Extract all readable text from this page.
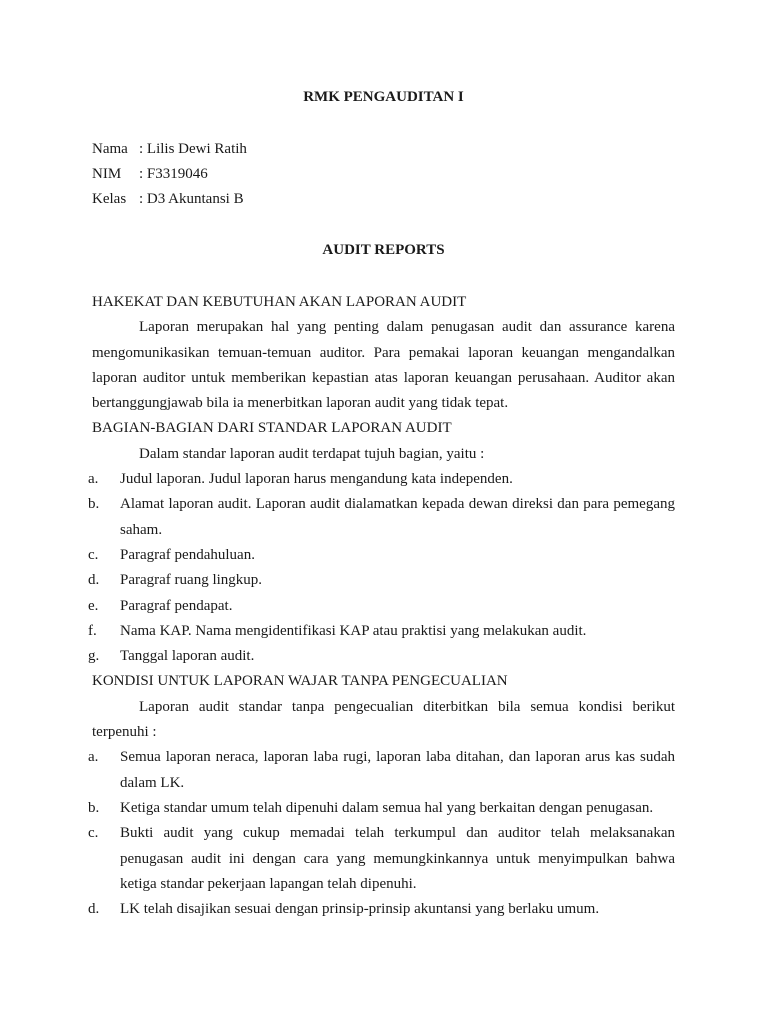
RMK PENGAUDITAN I
Nama : Lilis Dewi Ratih
NIM : F3319046
Kelas : D3 Akuntansi B
AUDIT REPORTS

HAKEKAT DAN KEBUTUHAN AKAN LAPORAN AUDIT

Laporan merupakan hal yang penting dalam penugasan audit dan assurance karena mengomunikasikan temuan-temuan auditor. Para pemakai laporan keuangan mengandalkan laporan auditor untuk memberikan kepastian atas laporan keuangan perusahaan. Auditor akan bertanggungjawab bila ia menerbitkan laporan audit yang tidak tepat.

BAGIAN-BAGIAN DARI STANDAR LAPORAN AUDIT

Dalam standar laporan audit terdapat tujuh bagian, yaitu :

a. Judul laporan. Judul laporan harus mengandung kata independen.
b. Alamat laporan audit. Laporan audit dialamatkan kepada dewan direksi dan para pemegang saham.
c. Paragraf pendahuluan.
d. Paragraf ruang lingkup.
e. Paragraf pendapat.
f. Nama KAP. Nama mengidentifikasi KAP atau praktisi yang melakukan audit.
g. Tanggal laporan audit.

KONDISI UNTUK LAPORAN WAJAR TANPA PENGECUALIAN

Laporan audit standar tanpa pengecualian diterbitkan bila semua kondisi berikut terpenuhi :

a. Semua laporan neraca, laporan laba rugi, laporan laba ditahan, dan laporan arus kas sudah dalam LK.
b. Ketiga standar umum telah dipenuhi dalam semua hal yang berkaitan dengan penugasan.
c. Bukti audit yang cukup memadai telah terkumpul dan auditor telah melaksanakan penugasan audit ini dengan cara yang memungkinkannya untuk menyimpulkan bahwa ketiga standar pekerjaan lapangan telah dipenuhi.
d. LK telah disajikan sesuai dengan prinsip-prinsip akuntansi yang berlaku umum.
